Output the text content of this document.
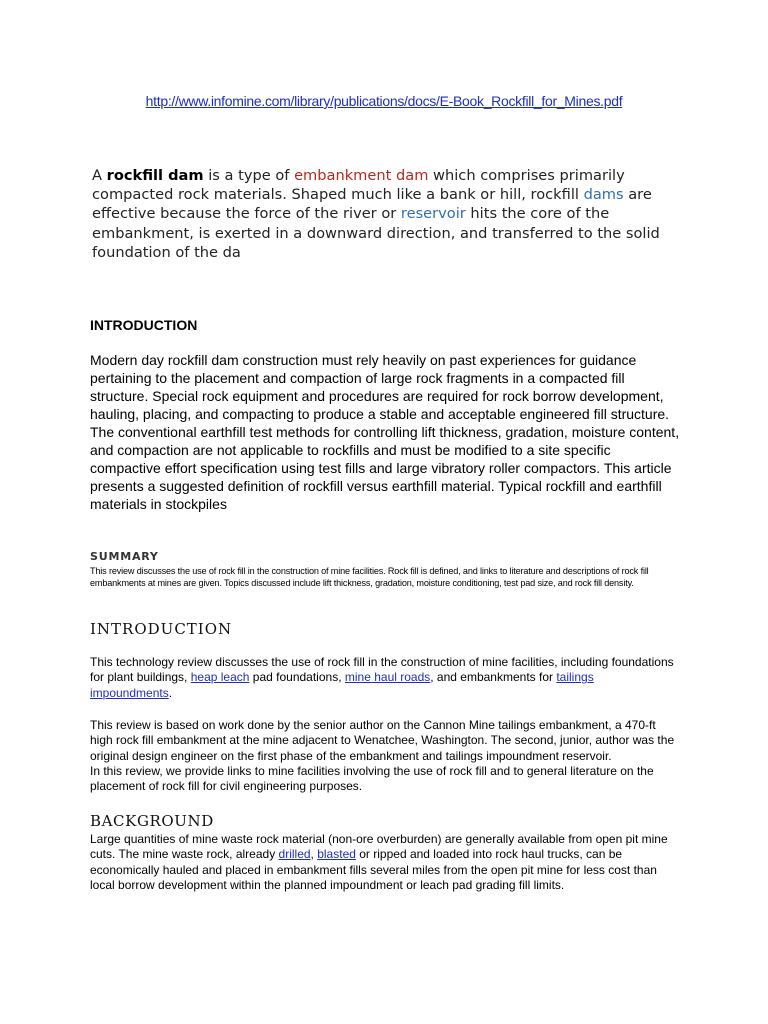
http://www.infomine.com/library/publications/docs/E-Book_Rockfill_for_Mines.pdf
A rockfill dam is a type of embankment dam which comprises primarily compacted rock materials. Shaped much like a bank or hill, rockfill dams are effective because the force of the river or reservoir hits the core of the embankment, is exerted in a downward direction, and transferred to the solid foundation of the da
INTRODUCTION
Modern day rockfill dam construction must rely heavily on past experiences for guidance pertaining to the placement and compaction of large rock fragments in a compacted fill structure. Special rock equipment and procedures are required for rock borrow development, hauling, placing, and compacting to produce a stable and acceptable engineered fill structure. The conventional earthfill test methods for controlling lift thickness, gradation, moisture content, and compaction are not applicable to rockfills and must be modified to a site specific compactive effort specification using test fills and large vibratory roller compactors. This article presents a suggested definition of rockfill versus earthfill material. Typical rockfill and earthfill materials in stockpiles
SUMMARY
This review discusses the use of rock fill in the construction of mine facilities. Rock fill is defined, and links to literature and descriptions of rock fill embankments at mines are given. Topics discussed include lift thickness, gradation, moisture conditioning, test pad size, and rock fill density.
INTRODUCTION
This technology review discusses the use of rock fill in the construction of mine facilities, including foundations for plant buildings, heap leach pad foundations, mine haul roads, and embankments for tailings impoundments.
This review is based on work done by the senior author on the Cannon Mine tailings embankment, a 470-ft high rock fill embankment at the mine adjacent to Wenatchee, Washington. The second, junior, author was the original design engineer on the first phase of the embankment and tailings impoundment reservoir.
In this review, we provide links to mine facilities involving the use of rock fill and to general literature on the placement of rock fill for civil engineering purposes.
BACKGROUND
Large quantities of mine waste rock material (non-ore overburden) are generally available from open pit mine cuts. The mine waste rock, already drilled, blasted or ripped and loaded into rock haul trucks, can be economically hauled and placed in embankment fills several miles from the open pit mine for less cost than local borrow development within the planned impoundment or leach pad grading fill limits.
